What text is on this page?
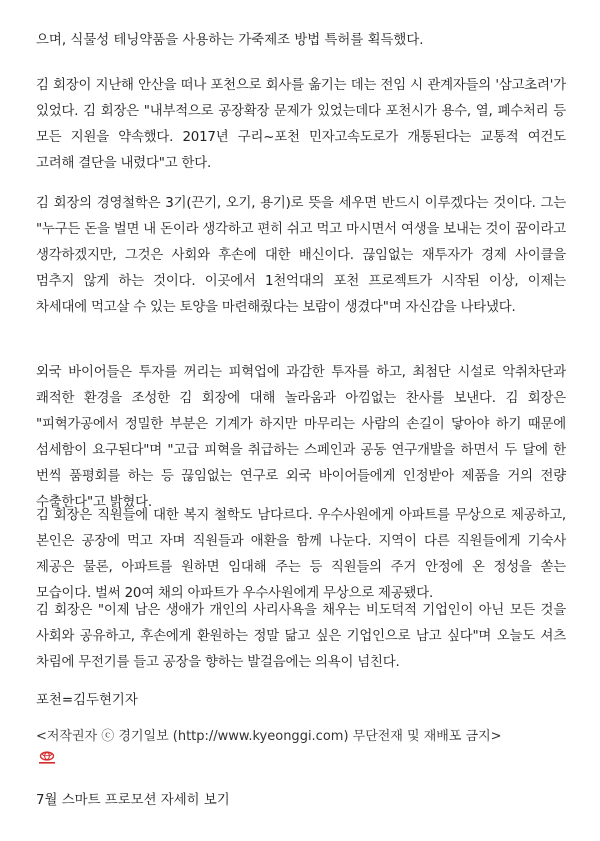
으며, 식물성 테닝약품을 사용하는 가죽제조 방법 특허를 획득했다.

김 회장이 지난해 안산을 떠나 포천으로 회사를 옮기는 데는 전임 시 관계자들의 '삼고초려'가 있었다. 김 회장은 "내부적으로 공장확장 문제가 있었는데다 포천시가 용수, 열, 폐수처리 등 모든 지원을 약속했다. 2017년 구리~포천 민자고속도로가 개통된다는 교통적 여건도 고려해 결단을 내렸다"고 한다.

김 회장의 경영철학은 3기(끈기, 오기, 용기)로 뜻을 세우면 반드시 이루겠다는 것이다. 그는 "누구든 돈을 벌면 내 돈이라 생각하고 편히 쉬고 먹고 마시면서 여생을 보내는 것이 꿈이라고 생각하겠지만, 그것은 사회와 후손에 대한 배신이다. 끊임없는 재투자가 경제 사이클을 멈추지 않게 하는 것이다. 이곳에서 1천억대의 포천 프로젝트가 시작된 이상, 이제는 차세대에 먹고살 수 있는 토양을 마련해줬다는 보람이 생겼다"며 자신감을 나타냈다.

외국 바이어들은 투자를 꺼리는 피혁업에 과감한 투자를 하고, 최첨단 시설로 악취차단과 쾌적한 환경을 조성한 김 회장에 대해 놀라움과 아낌없는 찬사를 보낸다. 김 회장은 "피혁가공에서 정밀한 부분은 기계가 하지만 마무리는 사람의 손길이 닿아야 하기 때문에 섬세함이 요구된다"며 "고급 피혁을 취급하는 스페인과 공동 연구개발을 하면서 두 달에 한 번씩 품평회를 하는 등 끊임없는 연구로 외국 바이어들에게 인정받아 제품을 거의 전량 수출한다"고 밝혔다.

김 회장은 직원들에 대한 복지 철학도 남다르다. 우수사원에게 아파트를 무상으로 제공하고, 본인은 공장에 먹고 자며 직원들과 애환을 함께 나눈다. 지역이 다른 직원들에게 기숙사 제공은 물론, 아파트를 원하면 임대해 주는 등 직원들의 주거 안정에 온 정성을 쏟는 모습이다. 벌써 20여 채의 아파트가 우수사원에게 무상으로 제공됐다.

김 회장은 "이제 남은 생애가 개인의 사리사욕을 채우는 비도덕적 기업인이 아닌 모든 것을 사회와 공유하고, 후손에게 환원하는 정말 닮고 싶은 기업인으로 남고 싶다"며 오늘도 셔츠 차림에 무전기를 들고 공장을 향하는 발걸음에는 의욕이 넘친다.

포천=김두현기자

<저작권자 ⓒ 경기일보 (http://www.kyeonggi.com) 무단전재 및 재배포 금지>

7월 스마트 프로모션 자세히 보기
